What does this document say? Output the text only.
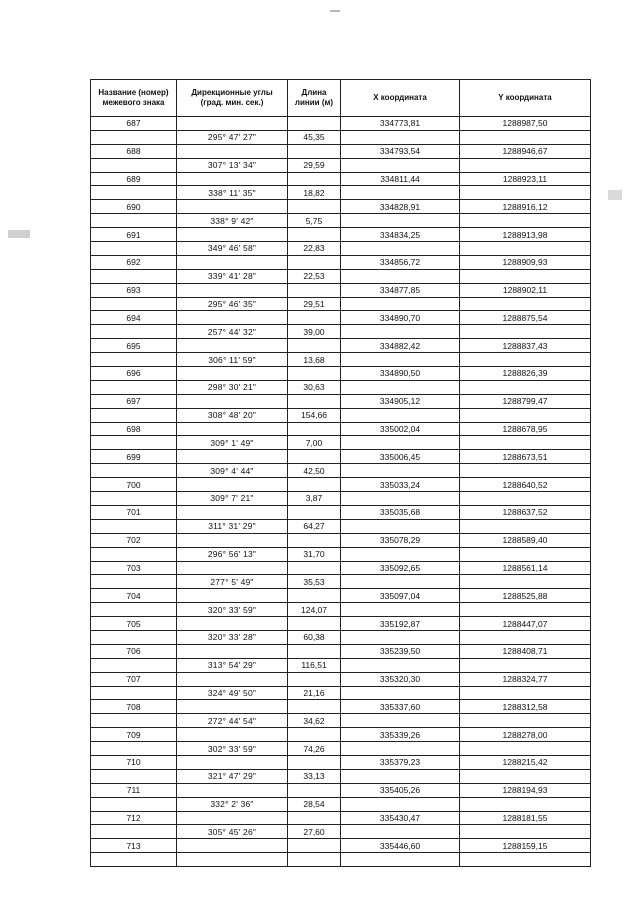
Название (номер)
межевого знака	Дирекционные углы
(град. мин. сек.)	Длина
линии (м)	X координата	Y координата

687			334773,81	1288987,50
	295° 47' 27"	45,35		
688			334793,54	1288946,67
	307° 13' 34"	29,59		
689			334811,44	1288923,11
	338° 11' 35"	18,82		
690			334828,91	1288916,12
	338° 9' 42"	5,75		
691			334834,25	1288913,98
	349° 46' 58"	22,83		
692			334856,72	1288909,93
	339° 41' 28"	22,53		
693			334877,85	1288902,11
	295° 46' 35"	29,51		
694			334890,70	1288875,54
	257° 44' 32"	39,00		
695			334882,42	1288837,43
	306° 11' 59"	13,68		
696			334890,50	1288826,39
	298° 30' 21"	30,63		
697			334905,12	1288799,47
	308° 48' 20"	154,66		
698			335002,04	1288678,95
	309° 1' 49"	7,00		
699			335006,45	1288673,51
	309° 4' 44"	42,50		
700			335033,24	1288640,52
	309° 7' 21"	3,87		
701			335035,68	1288637,52
	311° 31' 29"	64,27		
702			335078,29	1288589,40
	296° 56' 13"	31,70		
703			335092,65	1288561,14
	277° 5' 49"	35,53		
704			335097,04	1288525,88
	320° 33' 59"	124,07		
705			335192,87	1288447,07
	320° 33' 28"	60,38		
706			335239,50	1288408,71
	313° 54' 29"	116,51		
707			335320,30	1288324,77
	324° 49' 50"	21,16		
708			335337,60	1288312,58
	272° 44' 54"	34,62		
709			335339,26	1288278,00
	302° 33' 59"	74,26		
710			335379,23	1288215,42
	321° 47' 29"	33,13		
711			335405,26	1288194,93
	332° 2' 36"	28,54		
712			335430,47	1288181,55
	305° 45' 26"	27,60		
713			335446,60	1288159,15
